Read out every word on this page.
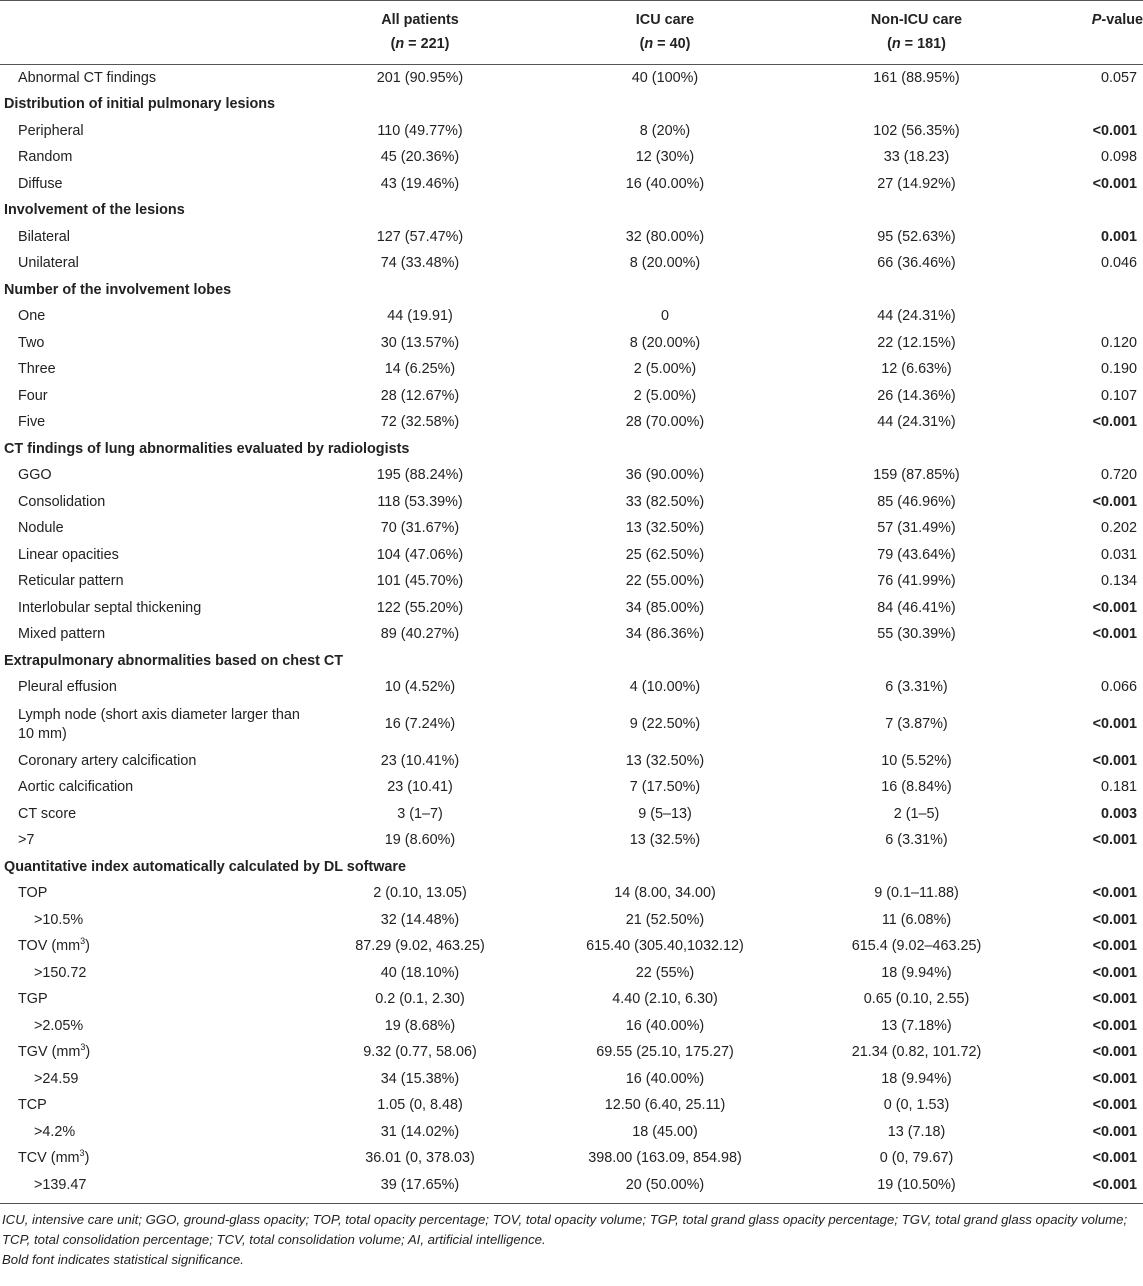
	All patients	ICU care	Non-ICU care	P-value
	(n = 221)	(n = 40)	(n = 181)	
Abnormal CT findings	201 (90.95%)	40 (100%)	161 (88.95%)	0.057
Distribution of initial pulmonary lesions				
Peripheral	110 (49.77%)	8 (20%)	102 (56.35%)	<0.001
Random	45 (20.36%)	12 (30%)	33 (18.23)	0.098
Diffuse	43 (19.46%)	16 (40.00%)	27 (14.92%)	<0.001
Involvement of the lesions				
Bilateral	127 (57.47%)	32 (80.00%)	95 (52.63%)	0.001
Unilateral	74 (33.48%)	8 (20.00%)	66 (36.46%)	0.046
Number of the involvement lobes				
One	44 (19.91)	0	44 (24.31%)	
Two	30 (13.57%)	8 (20.00%)	22 (12.15%)	0.120
Three	14 (6.25%)	2 (5.00%)	12 (6.63%)	0.190
Four	28 (12.67%)	2 (5.00%)	26 (14.36%)	0.107
Five	72 (32.58%)	28 (70.00%)	44 (24.31%)	<0.001
CT findings of lung abnormalities evaluated by radiologists				
GGO	195 (88.24%)	36 (90.00%)	159 (87.85%)	0.720
Consolidation	118 (53.39%)	33 (82.50%)	85 (46.96%)	<0.001
Nodule	70 (31.67%)	13 (32.50%)	57 (31.49%)	0.202
Linear opacities	104 (47.06%)	25 (62.50%)	79 (43.64%)	0.031
Reticular pattern	101 (45.70%)	22 (55.00%)	76 (41.99%)	0.134
Interlobular septal thickening	122 (55.20%)	34 (85.00%)	84 (46.41%)	<0.001
Mixed pattern	89 (40.27%)	34 (86.36%)	55 (30.39%)	<0.001
Extrapulmonary abnormalities based on chest CT				
Pleural effusion	10 (4.52%)	4 (10.00%)	6 (3.31%)	0.066
Lymph node (short axis diameter larger than 10 mm)	16 (7.24%)	9 (22.50%)	7 (3.87%)	<0.001
Coronary artery calcification	23 (10.41%)	13 (32.50%)	10 (5.52%)	<0.001
Aortic calcification	23 (10.41)	7 (17.50%)	16 (8.84%)	0.181
CT score	3 (1–7)	9 (5–13)	2 (1–5)	0.003
>7	19 (8.60%)	13 (32.5%)	6 (3.31%)	<0.001
Quantitative index automatically calculated by DL software				
TOP	2 (0.10, 13.05)	14 (8.00, 34.00)	9 (0.1–11.88)	<0.001
>10.5%	32 (14.48%)	21 (52.50%)	11 (6.08%)	<0.001
TOV $(mm^3)$	87.29 (9.02, 463.25)	615.40 (305.40,1032.12)	615.4 (9.02–463.25)	<0.001
>150.72	40 (18.10%)	22 (55%)	18 (9.94%)	<0.001
TGP	0.2 (0.1, 2.30)	4.40 (2.10, 6.30)	0.65 (0.10, 2.55)	<0.001
>2.05%	19 (8.68%)	16 (40.00%)	13 (7.18%)	<0.001
TGV $(mm^3)$	9.32 (0.77, 58.06)	69.55 (25.10, 175.27)	21.34 (0.82, 101.72)	<0.001
>24.59	34 (15.38%)	16 (40.00%)	18 (9.94%)	<0.001
TCP	1.05 (0, 8.48)	12.50 (6.40, 25.11)	0 (0, 1.53)	<0.001
>4.2%	31 (14.02%)	18 (45.00)	13 (7.18)	<0.001
TCV $(mm^3)$	36.01 (0, 378.03)	398.00 (163.09, 854.98)	0 (0, 79.67)	<0.001
>139.47	39 (17.65%)	20 (50.00%)	19 (10.50%)	<0.001

ICU, intensive care unit; GGO, ground-glass opacity; TOP, total opacity percentage; TOV, total opacity volume; TGP, total grand glass opacity percentage; TGV, total grand glass opacity volume; TCP, total consolidation percentage; TCV, total consolidation volume; AI, artificial intelligence.

Bold font indicates statistical significance.
